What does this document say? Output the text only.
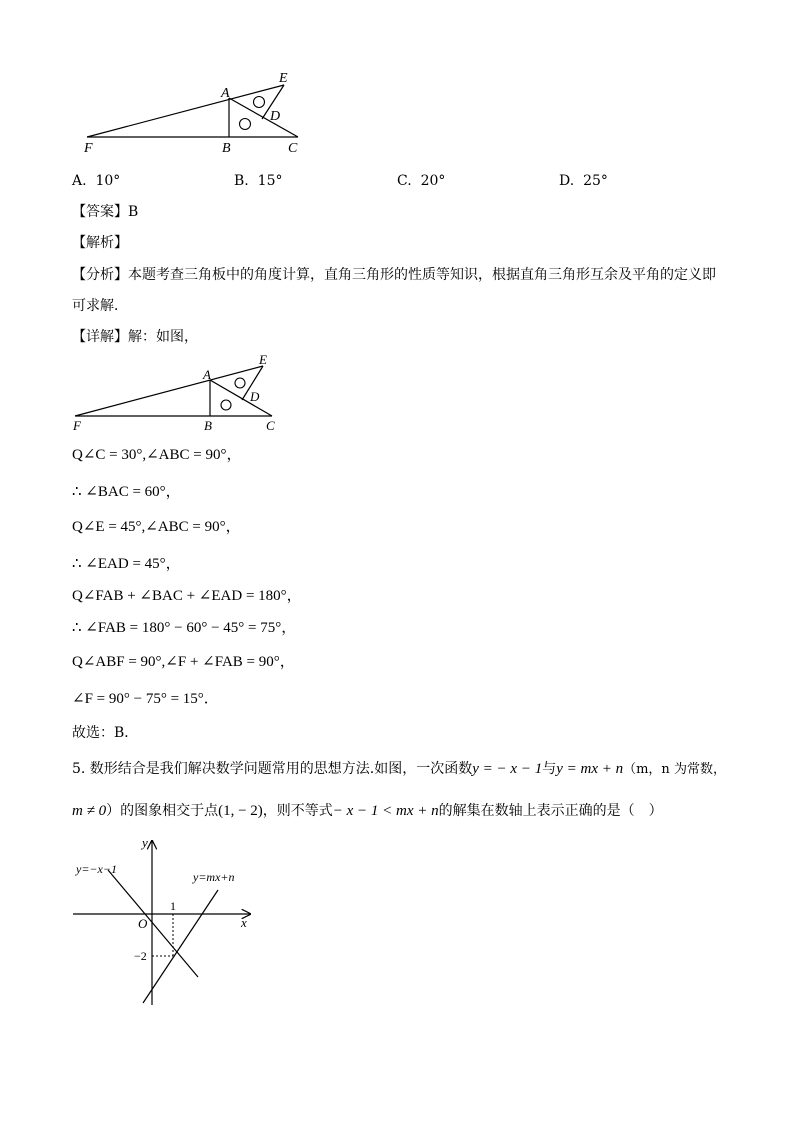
A
E
D
F	B	C
A. 10°	B. 15°	C. 20°	D. 25°
【答案】B
【解析】
【分析】本题考查三角板中的角度计算，直角三角形的性质等知识，根据直角三角形互余及平角的定义即
可求解．
【详解】解：如图，
A
E
D
F	B	C
Q∠C = 30°,∠ABC = 90°，
∴ ∠BAC = 60°，
Q∠E = 45°,∠ABC = 90°，
∴ ∠EAD = 45°，
Q∠FAB + ∠BAC + ∠EAD = 180°，
∴ ∠FAB = 180° − 60° − 45° = 75°，
Q∠ABF = 90°,∠F + ∠FAB = 90°，
∠F = 90° − 75° = 15°．
故选：B．
5. 数形结合是我们解决数学问题常用的思想方法.如图，一次函数y = − x − 1与y = mx + n（m，n 为常数，
m ≠ 0）的图象相交于点(1, − 2)，则不等式− x − 1 < mx + n的解集在数轴上表示正确的是（　）
y
x
O
1
−2
y=−x−1
y=mx+n
